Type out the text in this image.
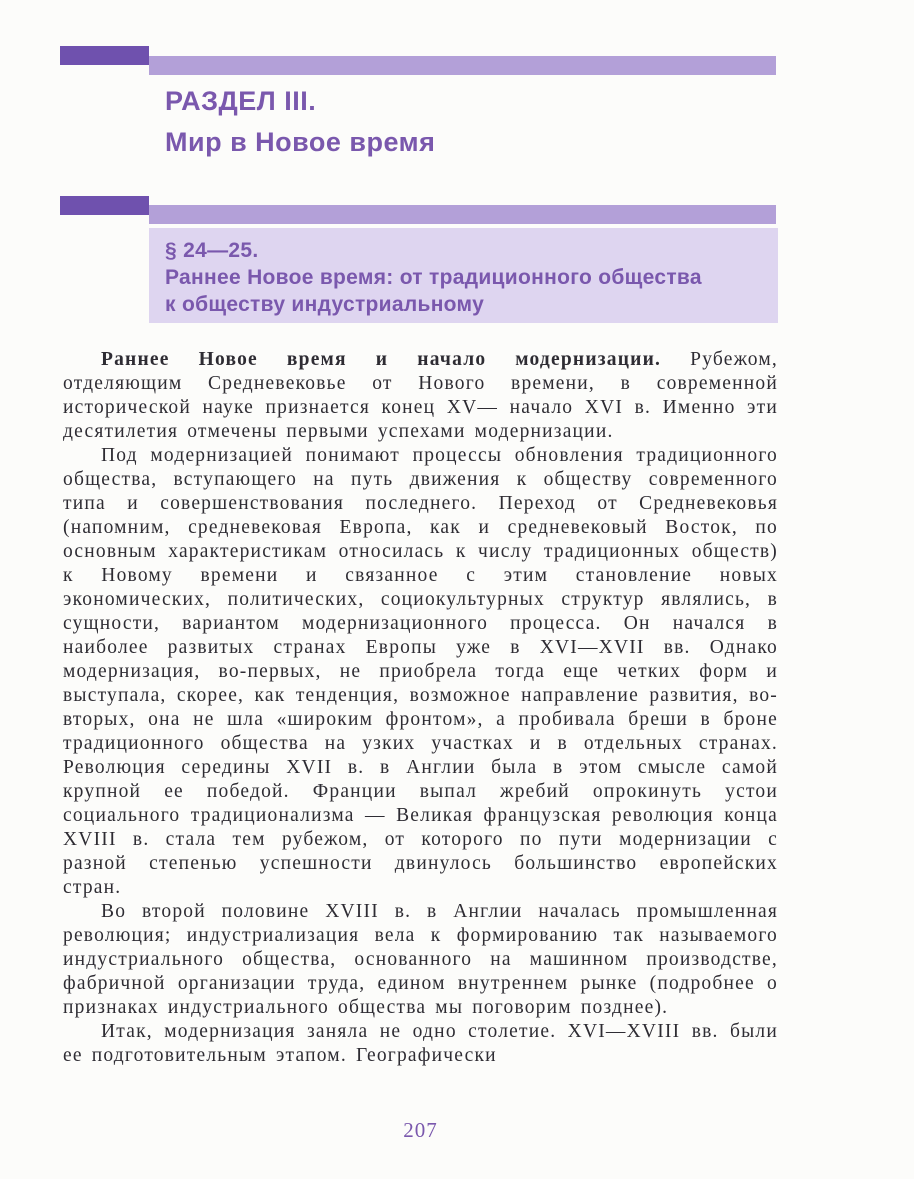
РАЗДЕЛ III.
Мир в Новое время
§ 24—25.
Раннее Новое время: от традиционного общества
к обществу индустриальному

Раннее Новое время и начало модернизации. Рубежом, отделяющим Средневековье от Нового времени, в современной исторической науке признается конец XV— начало XVI в. Именно эти десятилетия отмечены первыми успехами модернизации.

Под модернизацией понимают процессы обновления традиционного общества, вступающего на путь движения к обществу современного типа и совершенствования последнего. Переход от Средневековья (напомним, средневековая Европа, как и средневековый Восток, по основным характеристикам относилась к числу традиционных обществ) к Новому времени и связанное с этим становление новых экономических, политических, социокультурных структур являлись, в сущности, вариантом модернизационного процесса. Он начался в наиболее развитых странах Европы уже в XVI—XVII вв. Однако модернизация, во-первых, не приобрела тогда еще четких форм и выступала, скорее, как тенденция, возможное направление развития, во-вторых, она не шла «широким фронтом», а пробивала бреши в броне традиционного общества на узких участках и в отдельных странах. Революция середины XVII в. в Англии была в этом смысле самой крупной ее победой. Франции выпал жребий опрокинуть устои социального традиционализма — Великая французская революция конца XVIII в. стала тем рубежом, от которого по пути модернизации с разной степенью успешности двинулось большинство европейских стран.

Во второй половине XVIII в. в Англии началась промышленная революция; индустриализация вела к формированию так называемого индустриального общества, основанного на машинном производстве, фабричной организации труда, едином внутреннем рынке (подробнее о признаках индустриального общества мы поговорим позднее).

Итак, модернизация заняла не одно столетие. XVI—XVIII вв. были ее подготовительным этапом. Географически

207
